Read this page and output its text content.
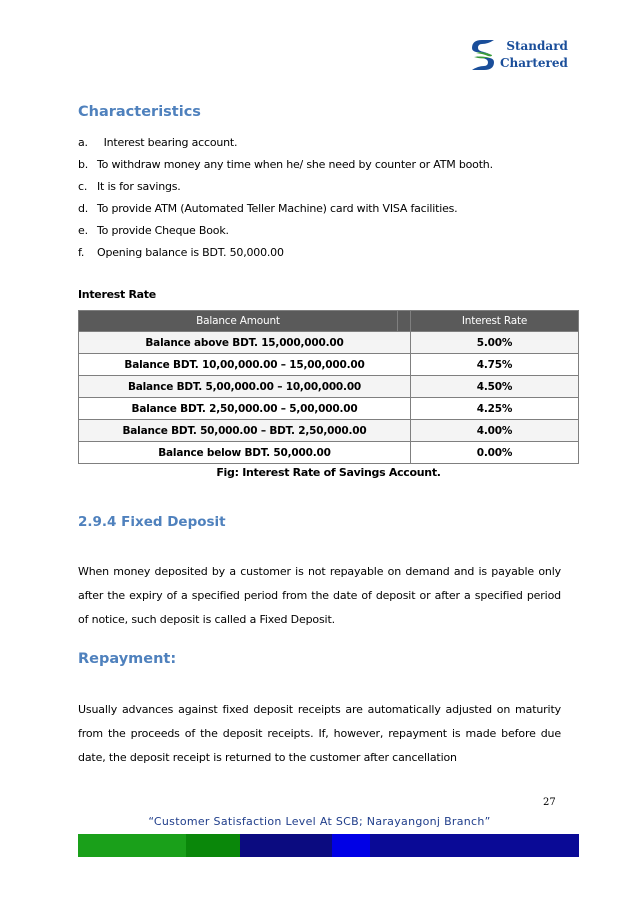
Standard
Chartered
Characteristics
a.  Interest bearing account.
b. To withdraw money any time when he/ she need by counter or ATM booth.
c. It is for savings.
d. To provide ATM (Automated Teller Machine) card with VISA facilities.
e. To provide Cheque Book.
f. Opening balance is BDT. 50,000.00
Interest Rate
Balance Amount		Interest Rate
Balance above BDT. 15,000,000.00		5.00%
Balance BDT. 10,00,000.00 – 15,00,000.00		4.75%
Balance BDT. 5,00,000.00 – 10,00,000.00		4.50%
Balance BDT. 2,50,000.00 – 5,00,000.00		4.25%
Balance BDT. 50,000.00 – BDT. 2,50,000.00		4.00%
Balance below BDT. 50,000.00		0.00%
Fig: Interest Rate of Savings Account.
2.9.4 Fixed Deposit
When money deposited by a customer is not repayable on demand and is payable only after the expiry of a specified period from the date of deposit or after a specified period of notice, such deposit is called a Fixed Deposit.
Repayment:
Usually advances against fixed deposit receipts are automatically adjusted on maturity from the proceeds of the deposit receipts. If, however, repayment is made before due date, the deposit receipt is returned to the customer after cancellation
27
“Customer Satisfaction Level At SCB; Narayangonj Branch”
